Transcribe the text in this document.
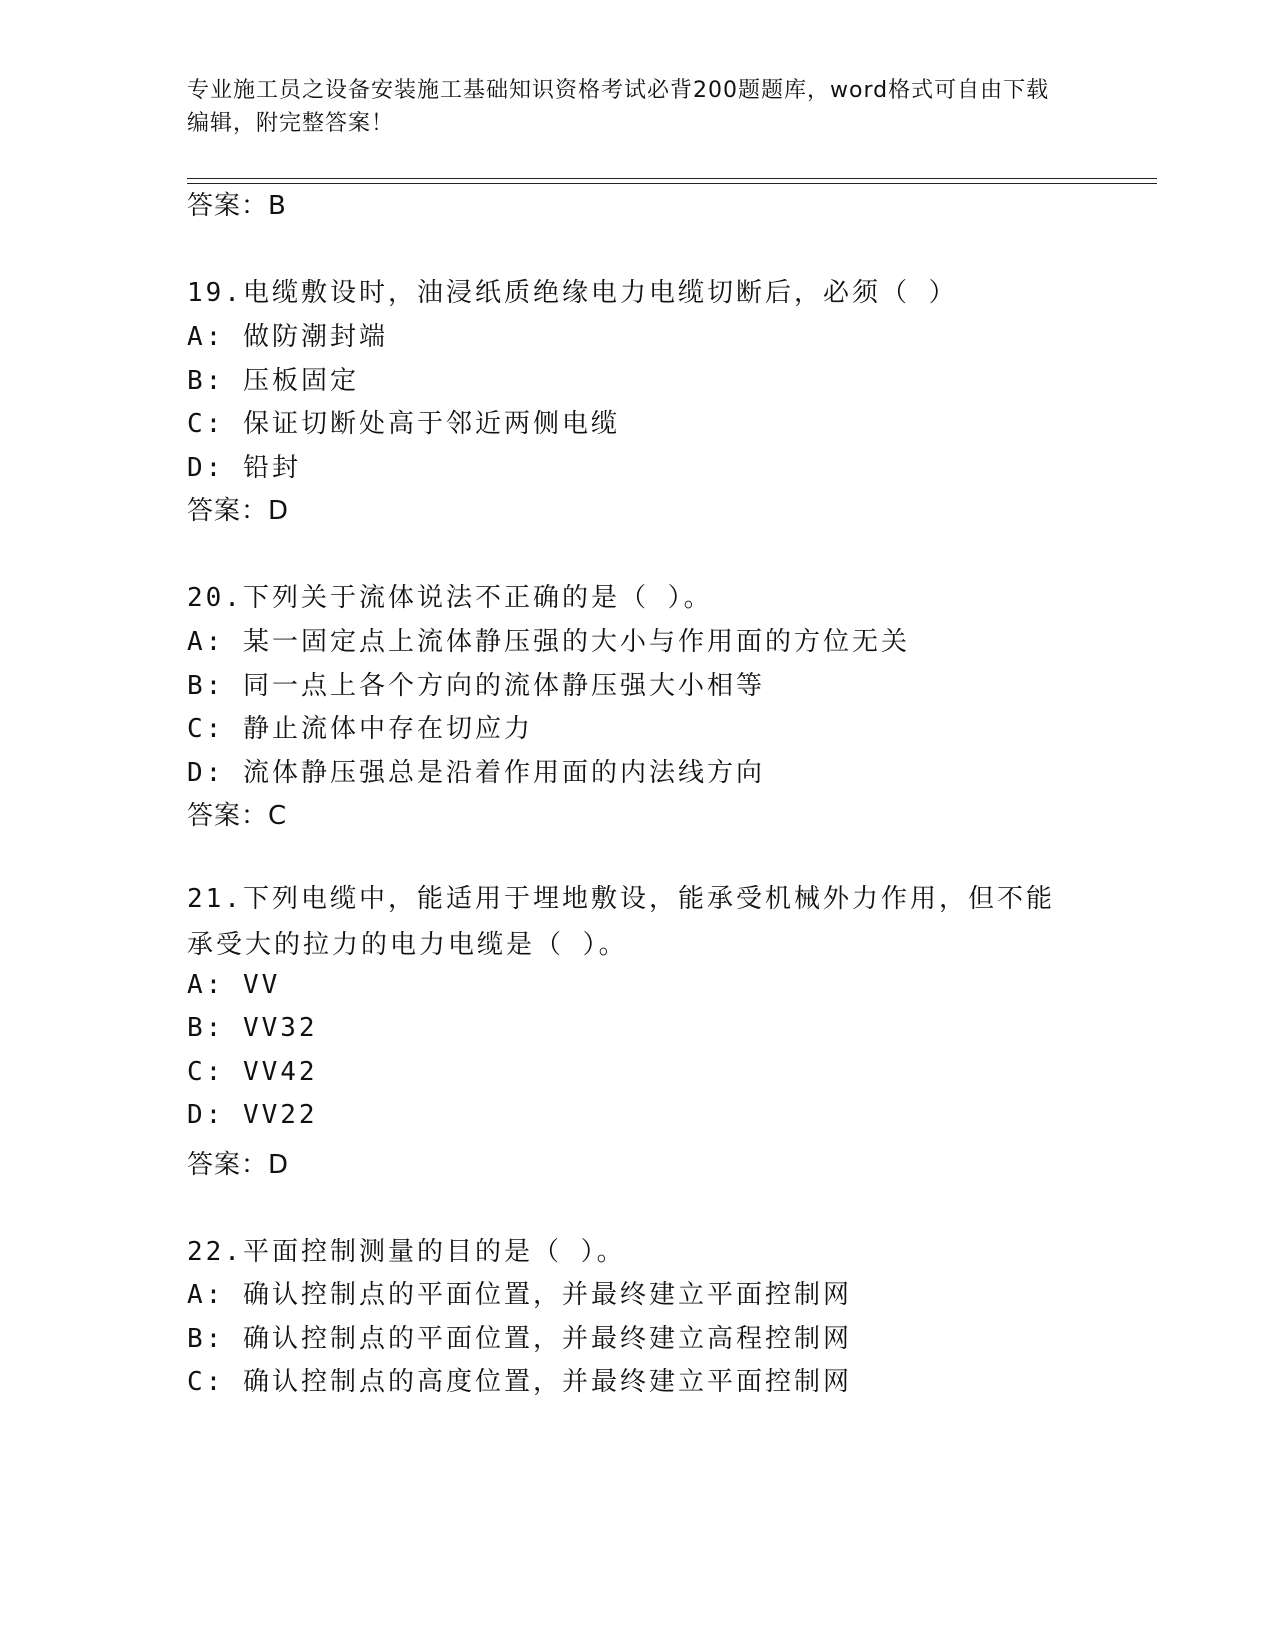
专业施工员之设备安装施工基础知识资格考试必背200题题库，word格式可自由下载编辑，附完整答案！
答案：B
19.电缆敷设时，油浸纸质绝缘电力电缆切断后，必须（ ）
A: 做防潮封端
B: 压板固定
C: 保证切断处高于邻近两侧电缆
D: 铅封
答案：D
20.下列关于流体说法不正确的是（ ）。
A: 某一固定点上流体静压强的大小与作用面的方位无关
B: 同一点上各个方向的流体静压强大小相等
C: 静止流体中存在切应力
D: 流体静压强总是沿着作用面的内法线方向
答案：C
21.下列电缆中，能适用于埋地敷设，能承受机械外力作用，但不能承受大的拉力的电力电缆是（ ）。
A: VV
B: VV32
C: VV42
D: VV22
答案：D
22.平面控制测量的目的是（ ）。
A: 确认控制点的平面位置，并最终建立平面控制网
B: 确认控制点的平面位置，并最终建立高程控制网
C: 确认控制点的高度位置，并最终建立平面控制网
